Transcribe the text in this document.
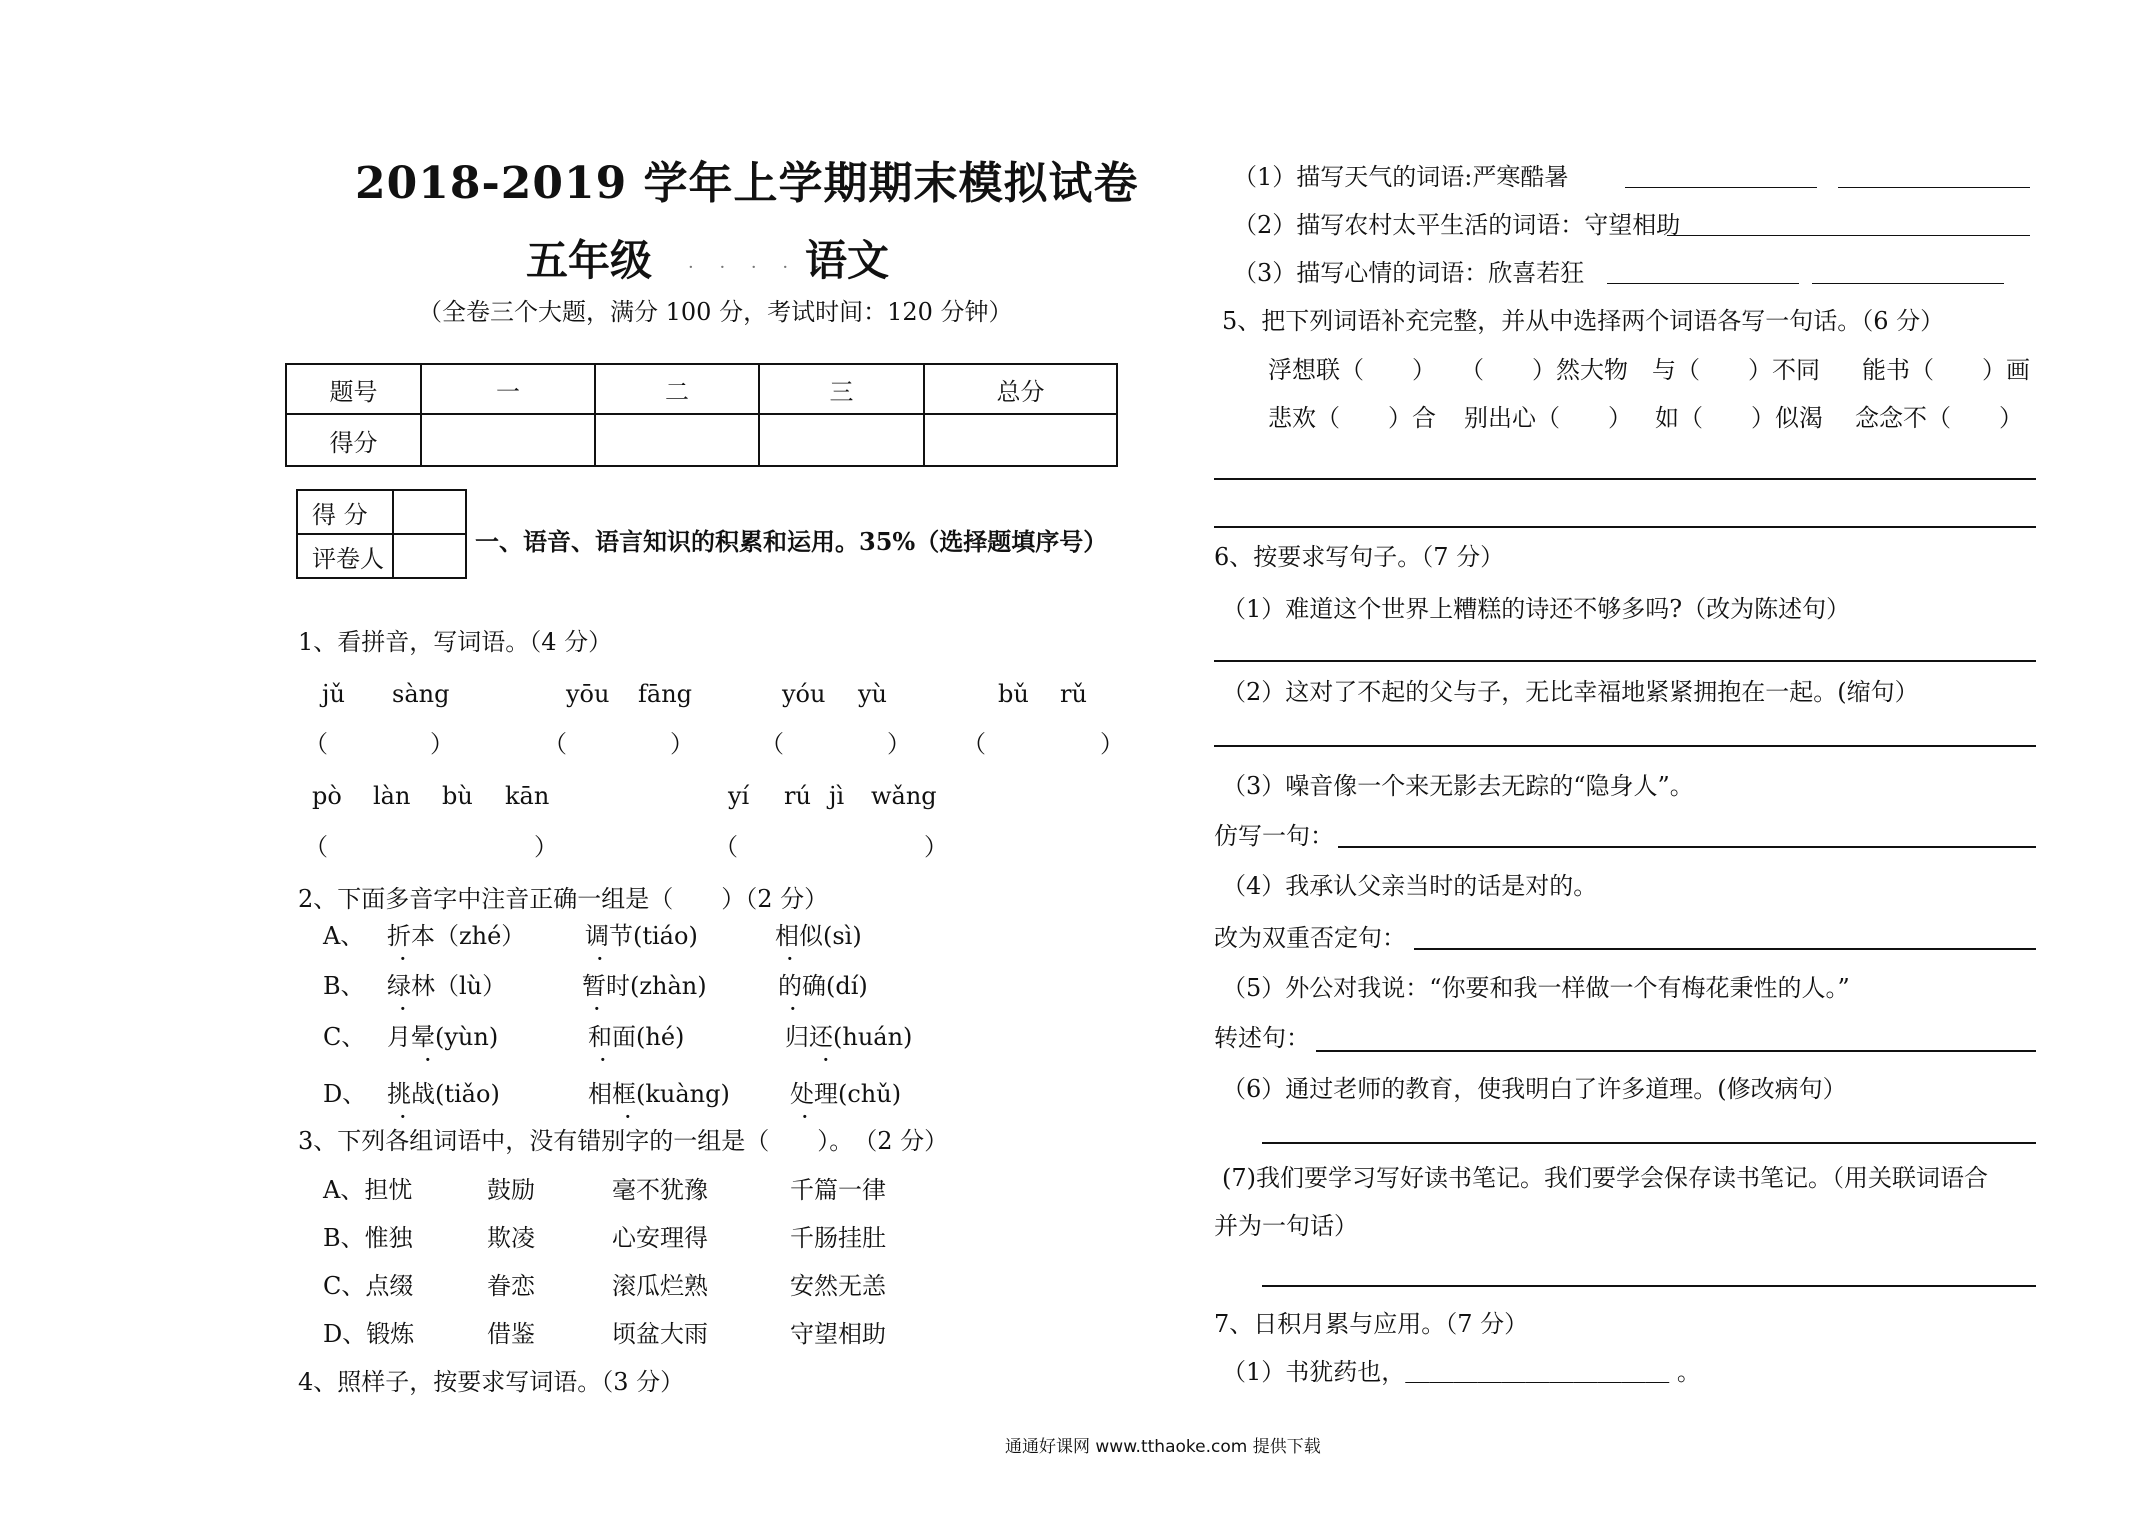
2018-2019 学年上学期期末模拟试卷
五年级 · · · · ·
语文
（全卷三个大题，满分 100 分，考试时间：120 分钟）
题号	一	二	三	总分
得分				
得 分	
评卷人	
一、语音、语言知识的积累和运用。35%（选择题填序号）
1、看拼音，写词语。（4 分）
jǔ sàng	yōu fāng	yóu yù	bǔ rǔ
（	）	（	）	（	） （	）
pò làn bù kān	yí rú jì wǎng
（	）	（	）
2、下面多音字中注音正确一组是（　　）（2 分）
A、 折本（zhé） 调节(tiáo)	相似(sì)
·	·	·
B、 绿林（lù）	暂时(zhàn)	的确(dí)
·	·	·
C、 月晕(yùn)	和面(hé)	归还(huán)
·	·	·
D、 挑战(tiǎo)	相框(kuàng)	处理(chǔ)
·	·	·
3、下列各组词语中，没有错别字的一组是（　　）。　（2 分）
A、担忧	鼓励	毫不犹豫	千篇一律
B、惟独	欺凌	心安理得	千肠挂肚
C、点缀	眷恋	滚瓜烂熟	安然无恙
D、锻炼	借鉴	顷盆大雨	守望相助
4、照样子，按要求写词语。（3 分）
（1）描写天气的词语:严寒酷暑 ＿＿＿＿＿＿＿＿ ＿＿＿＿＿＿＿＿
（2）描写农村太平生活的词语：守望相助
＿＿＿＿＿＿＿＿
＿＿＿＿＿＿＿＿
（3）描写心情的词语：欣喜若狂 ＿＿＿＿＿＿＿＿ ＿＿＿＿＿＿＿＿
5、把下列词语补充完整，并从中选择两个词语各写一句话。（6 分）
浮想联（　　） （　　）然大物 与（　　）不同 能书（　　）画
悲欢（　　）合 别出心（　　） 如（　　）似渴 念念不（　　）
6、按要求写句子。（7 分）
（1）难道这个世界上糟糕的诗还不够多吗?（改为陈述句）
（2）这对了不起的父与子，无比幸福地紧紧拥抱在一起。(缩句）
（3）噪音像一个来无影去无踪的“隐身人”。
仿写一句：
（4）我承认父亲当时的话是对的。
改为双重否定句：
（5）外公对我说：“你要和我一样做一个有梅花秉性的人。”
转述句：
（6）通过老师的教育，使我明白了许多道理。(修改病句）
(7)我们要学习写好读书笔记。我们要学会保存读书笔记。（用关联词语合
并为一句话）
7、日积月累与应用。（7 分）
（1）书犹药也，＿＿＿＿＿＿＿＿＿＿＿ 。
通通好课网 www.tthaoke.com 提供下载
